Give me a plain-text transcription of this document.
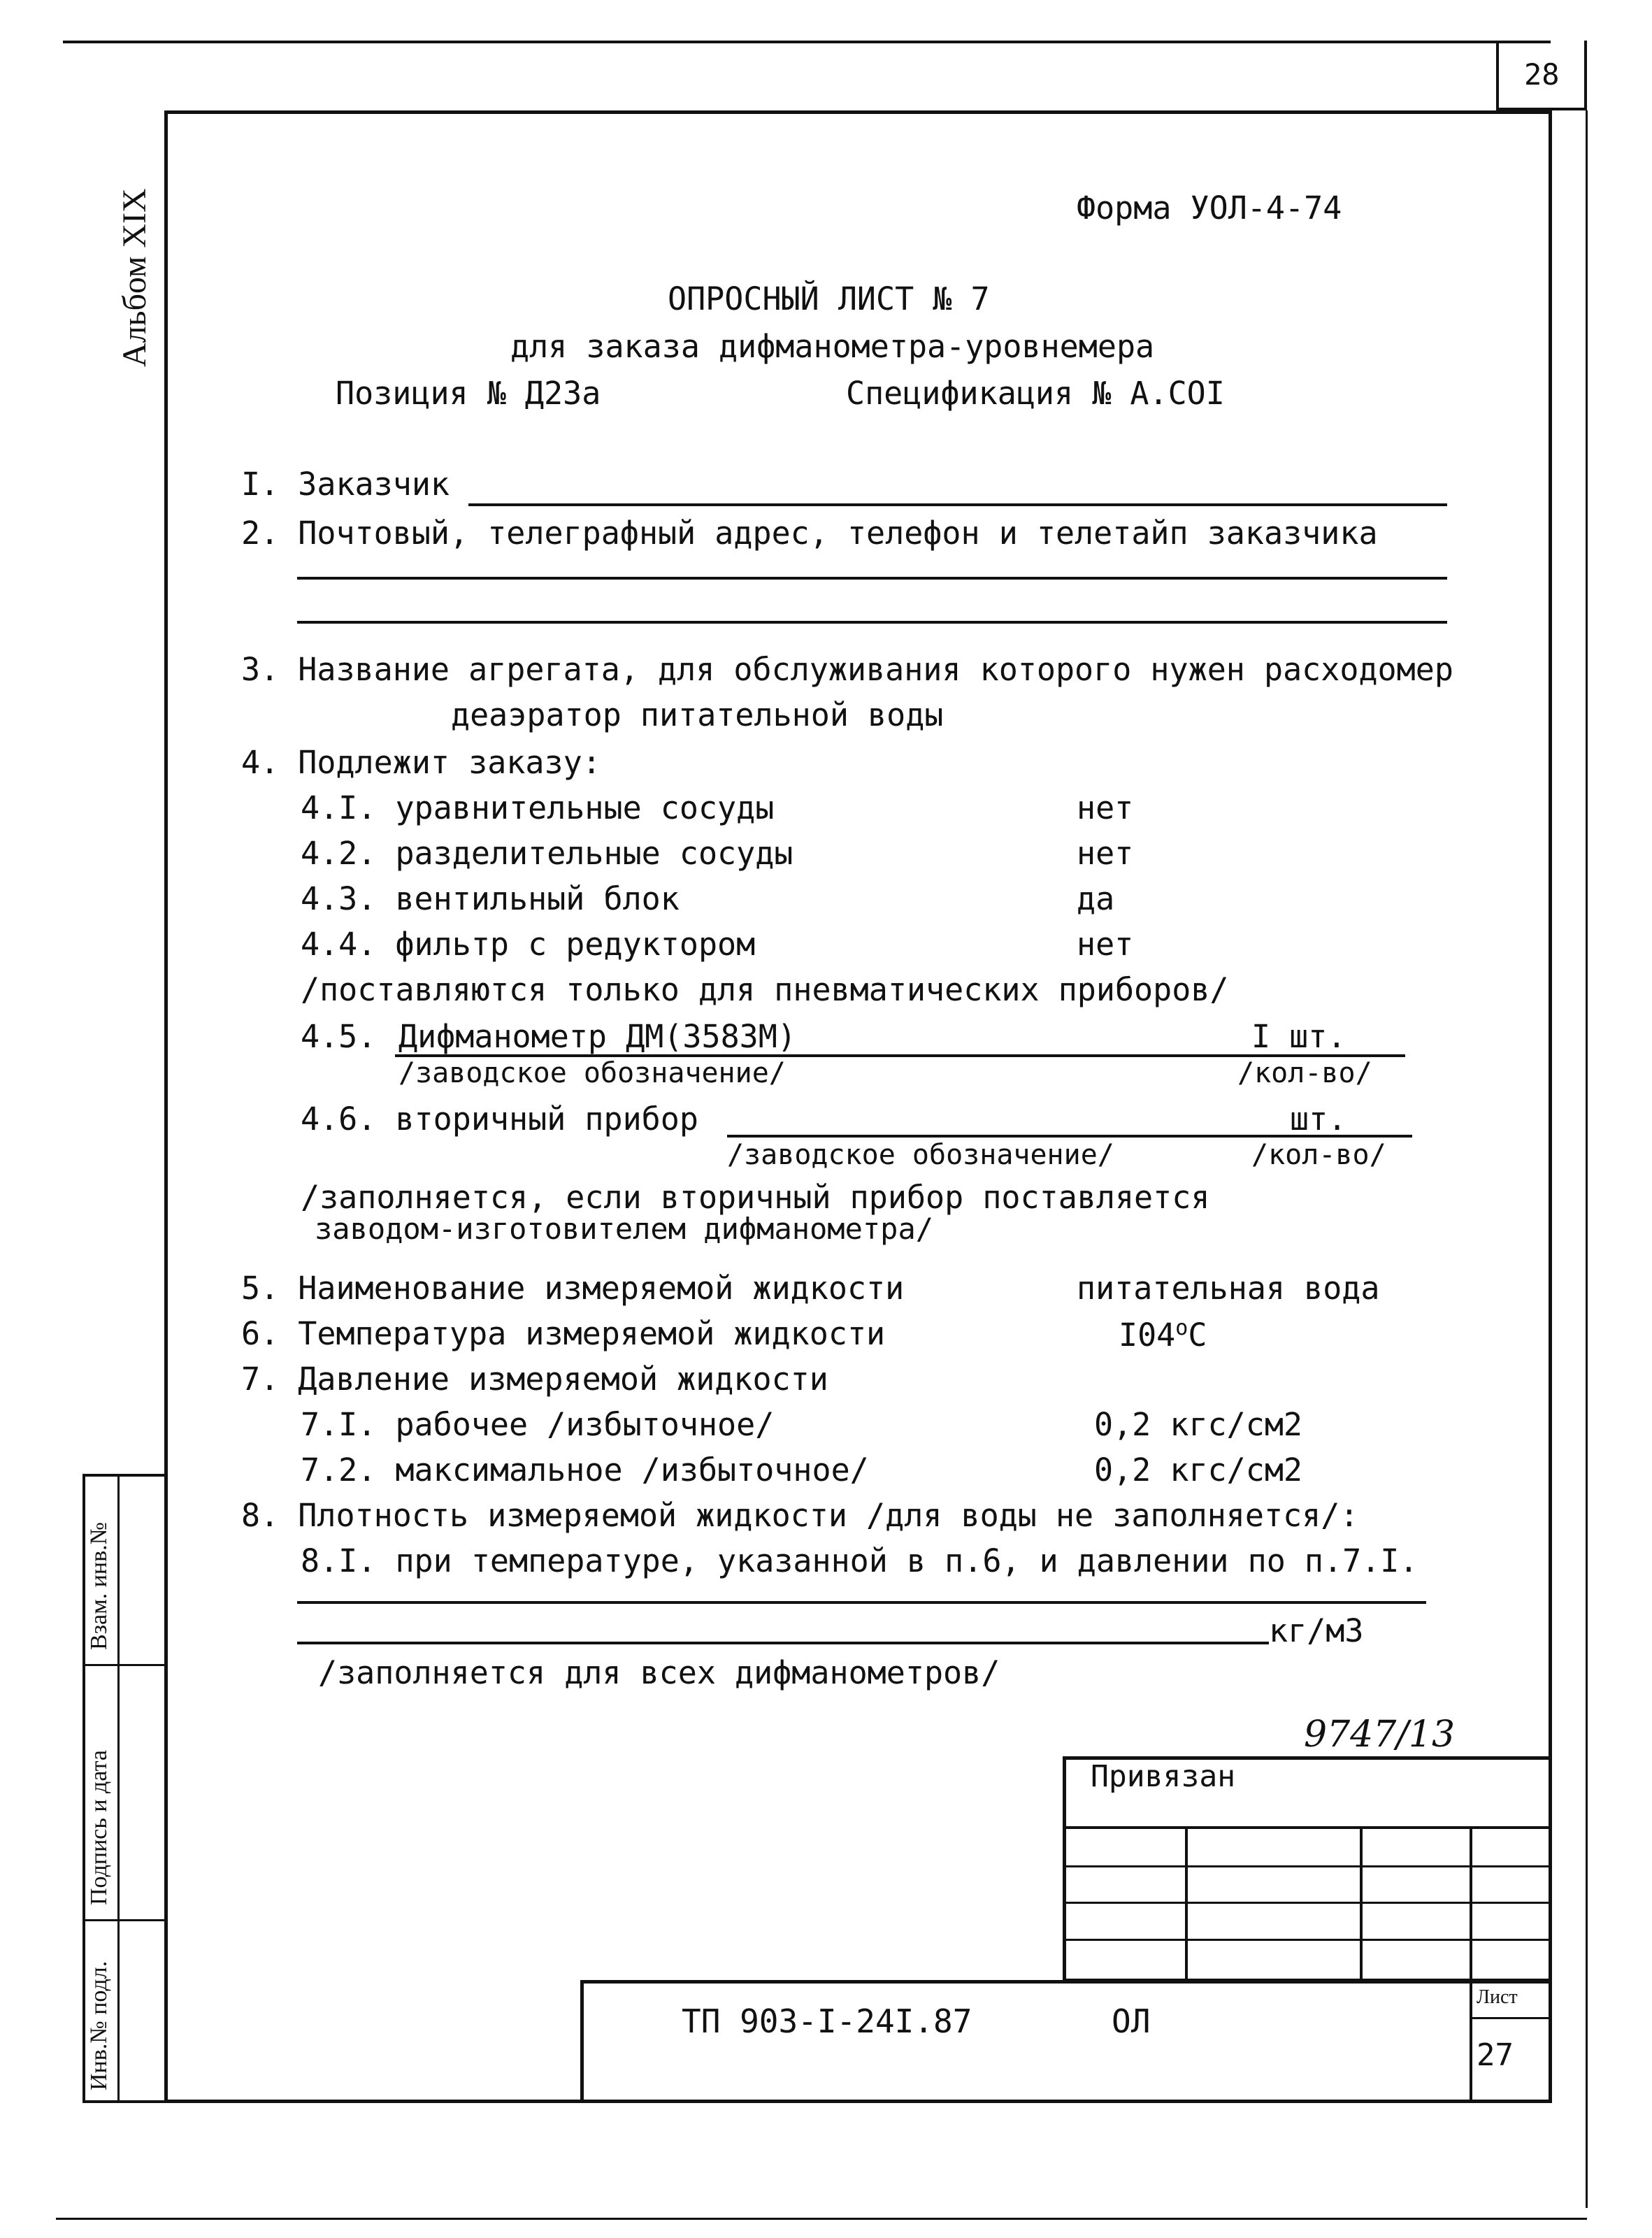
28
Взам. инв.№
Подпись и дата
Инв.№ подл.
Альбом XIX	Форма УОЛ-4-74
ОПРОСНЫЙ ЛИСТ № 7
для заказа дифманометра-уровнемера
Позиция № Д23а	Спецификация № А.СОI
I. Заказчик
2. Почтовый, телеграфный адрес, телефон и телетайп заказчика
3. Название агрегата, для обслуживания которого нужен расходомер
деаэратор питательной воды
4. Подлежит заказу:
4.I. уравнительные сосуды	нет
4.2. разделительные сосуды	нет
4.3. вентильный блок	да
4.4. фильтр с редуктором	нет
/поставляются только для пневматических приборов/
4.5. Дифманометр ДМ(3583М)	I шт.
/заводское обозначение/	/кол-во/
4.6. вторичный прибор	шт.
/заводское обозначение/	/кол-во/
/заполняется, если вторичный прибор поставляется
заводом-изготовителем дифманометра/
5. Наименование измеряемой жидкости	питательная вода
6. Температура измеряемой жидкости	$I04^оС$
7. Давление измеряемой жидкости
7.I. рабочее /избыточное/	0,2 кгс/см2
7.2. максимальное /избыточное/	0,2 кгс/см2
8. Плотность измеряемой жидкости /для воды не заполняется/:
8.I. при температуре, указанной в п.6, и давлении по п.7.I.
кг/м3
/заполняется для всех дифманометров/
9747/13
Привязан
ТП 903-I-24I.87	ОЛ
Лист
27
